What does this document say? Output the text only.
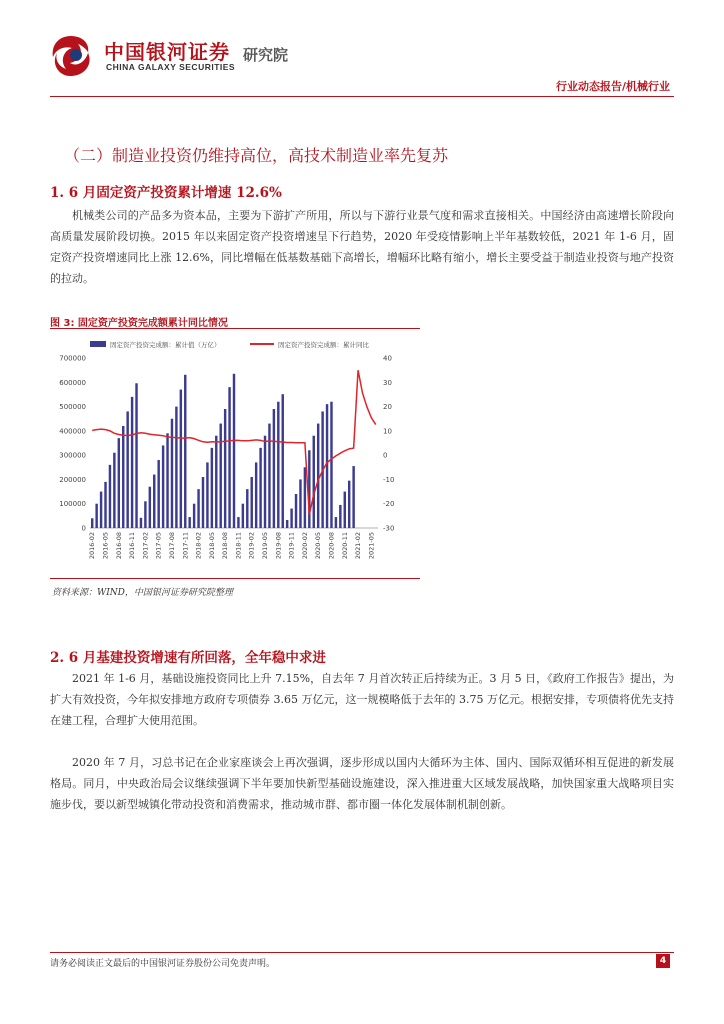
中国银河证券
CHINA GALAXY SECURITIES
研究院
行业动态报告/机械行业
（二）制造业投资仍维持高位，高技术制造业率先复苏
1. 6 月固定资产投资累计增速 12.6%
机械类公司的产品多为资本品，主要为下游扩产所用，所以与下游行业景气度和需求直接相关。中国经济由高速增长阶段向高质量发展阶段切换。2015 年以来固定资产投资增速呈下行趋势，2020 年受疫情影响上半年基数较低，2021 年 1-6 月，固定资产投资增速同比上涨 12.6%，同比增幅在低基数基础下高增长，增幅环比略有缩小，增长主要受益于制造业投资与地产投资的拉动。
图 3: 固定资产投资完成额累计同比情况
固定资产投资完成额：累计值（万亿）	固定资产投资完成额：累计同比
0
100000
200000
300000
400000
500000
600000
700000
-30
-20
-10
0
10
20
30
40
2016-02 2016-05 2016-08 2016-11 2017-02 2017-05 2017-08 2017-11 2018-02 2018-05 2018-08 2018-11 2019-02 2019-05 2019-08 2019-11 2020-02 2020-05 2020-08 2020-11 2021-02 2021-05
资料来源：WIND，中国银河证券研究院整理
2. 6 月基建投资增速有所回落，全年稳中求进
2021 年 1-6 月，基础设施投资同比上升 7.15%，自去年 7 月首次转正后持续为正。3 月 5 日，《政府工作报告》提出，为扩大有效投资，今年拟安排地方政府专项债券 3.65 万亿元，这一规模略低于去年的 3.75 万亿元。根据安排，专项债将优先支持在建工程，合理扩大使用范围。
2020 年 7 月，习总书记在企业家座谈会上再次强调，逐步形成以国内大循环为主体、国内、国际双循环相互促进的新发展格局。同月，中央政治局会议继续强调下半年要加快新型基础设施建设，深入推进重大区域发展战略，加快国家重大战略项目实施步伐，要以新型城镇化带动投资和消费需求，推动城市群、都市圈一体化发展体制机制创新。
请务必阅读正文最后的中国银河证券股份公司免责声明。	4
